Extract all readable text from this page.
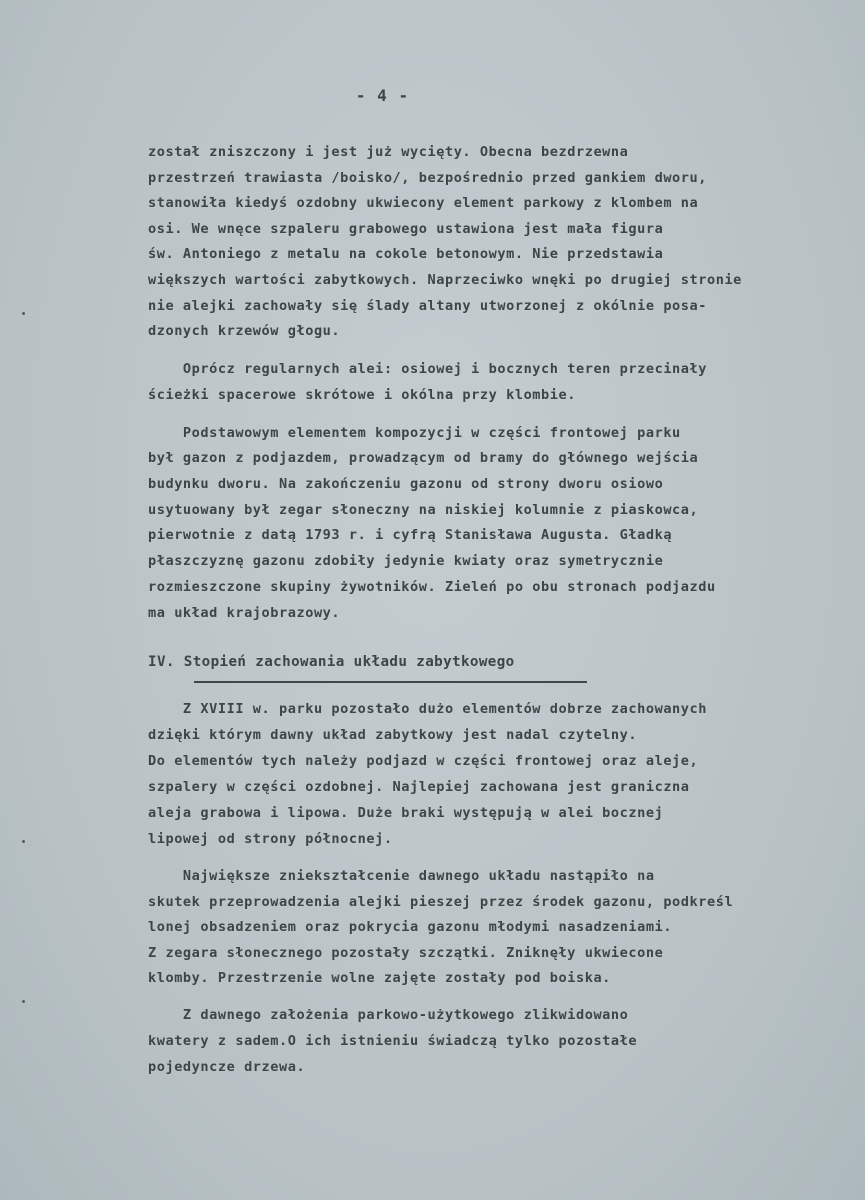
- 4 -
został zniszczony i jest już wycięty. Obecna bezdrzewna
przestrzeń trawiasta /boisko/, bezpośrednio przed gankiem dworu,
stanowiła kiedyś ozdobny ukwiecony element parkowy z klombem na
osi. We wnęce szpaleru grabowego ustawiona jest mała figura
św. Antoniego z metalu na cokole betonowym. Nie przedstawia
większych wartości zabytkowych. Naprzeciwko wnęki po drugiej stronie
nie alejki zachowały się ślady altany utworzonej z okólnie posa-
dzonych krzewów głogu.
Oprócz regularnych alei: osiowej i bocznych teren przecinały
ścieżki spacerowe skrótowe i okólna przy klombie.
Podstawowym elementem kompozycji w części frontowej parku
był gazon z podjazdem, prowadzącym od bramy do głównego wejścia
budynku dworu. Na zakończeniu gazonu od strony dworu osiowo
usytuowany był zegar słoneczny na niskiej kolumnie z piaskowca,
pierwotnie z datą 1793 r. i cyfrą Stanisława Augusta. Gładką
płaszczyznę gazonu zdobiły jedynie kwiaty oraz symetrycznie
rozmieszczone skupiny żywotników. Zieleń po obu stronach podjazdu
ma układ krajobrazowy.
IV. Stopień zachowania układu zabytkowego
Z XVIII w. parku pozostało dużo elementów dobrze zachowanych
dzięki którym dawny układ zabytkowy jest nadal czytelny.
Do elementów tych należy podjazd w części frontowej oraz aleje,
szpalery w części ozdobnej. Najlepiej zachowana jest graniczna
aleja grabowa i lipowa. Duże braki występują w alei bocznej
lipowej od strony północnej.
Największe zniekształcenie dawnego układu nastąpiło na
skutek przeprowadzenia alejki pieszej przez środek gazonu, podkreśl
lonej obsadzeniem oraz pokrycia gazonu młodymi nasadzeniami.
Z zegara słonecznego pozostały szczątki. Zniknęły ukwiecone
klomby. Przestrzenie wolne zajęte zostały pod boiska.
Z dawnego założenia parkowo-użytkowego zlikwidowano
kwatery z sadem.O ich istnieniu świadczą tylko pozostałe
pojedyncze drzewa.
